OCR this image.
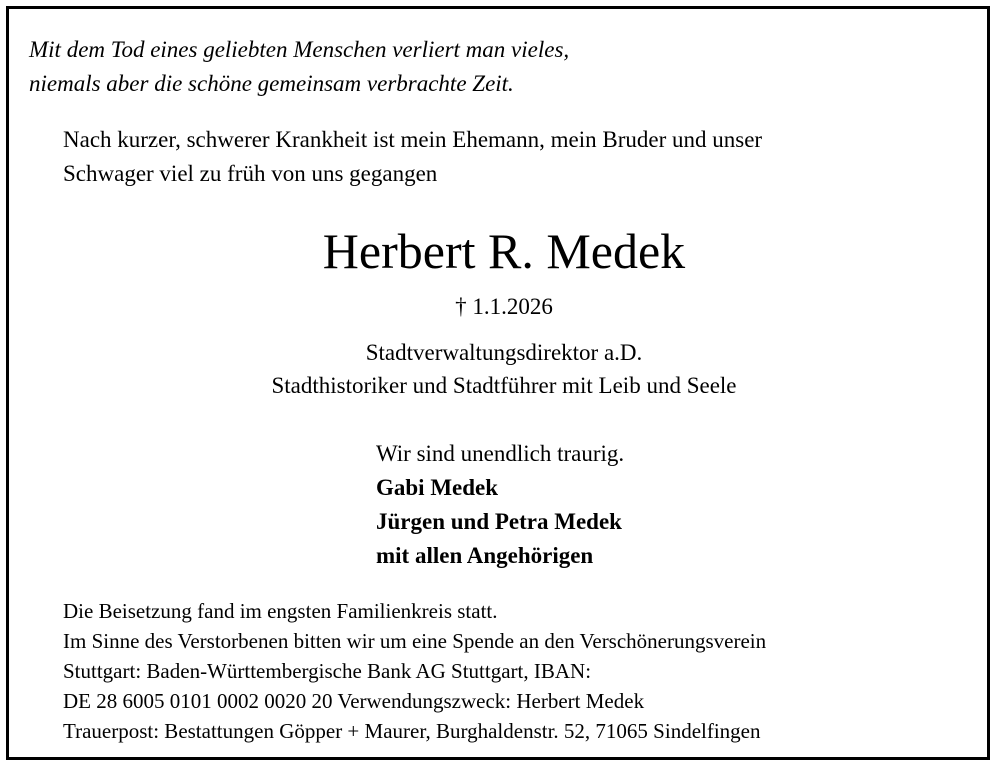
Mit dem Tod eines geliebten Menschen verliert man vieles,
niemals aber die schöne gemeinsam verbrachte Zeit.
Nach kurzer, schwerer Krankheit ist mein Ehemann, mein Bruder und unser
Schwager viel zu früh von uns gegangen
Herbert R. Medek
† 1.1.2026
Stadtverwaltungsdirektor a.D.
Stadthistoriker und Stadtführer mit Leib und Seele
Wir sind unendlich traurig.
Gabi Medek
Jürgen und Petra Medek
mit allen Angehörigen
Die Beisetzung fand im engsten Familienkreis statt.
Im Sinne des Verstorbenen bitten wir um eine Spende an den Verschönerungsverein
Stuttgart: Baden-Württembergische Bank AG Stuttgart, IBAN:
DE 28 6005 0101 0002 0020 20 Verwendungszweck: Herbert Medek
Trauerpost: Bestattungen Göpper + Maurer, Burghaldenstr. 52, 71065 Sindelfingen
